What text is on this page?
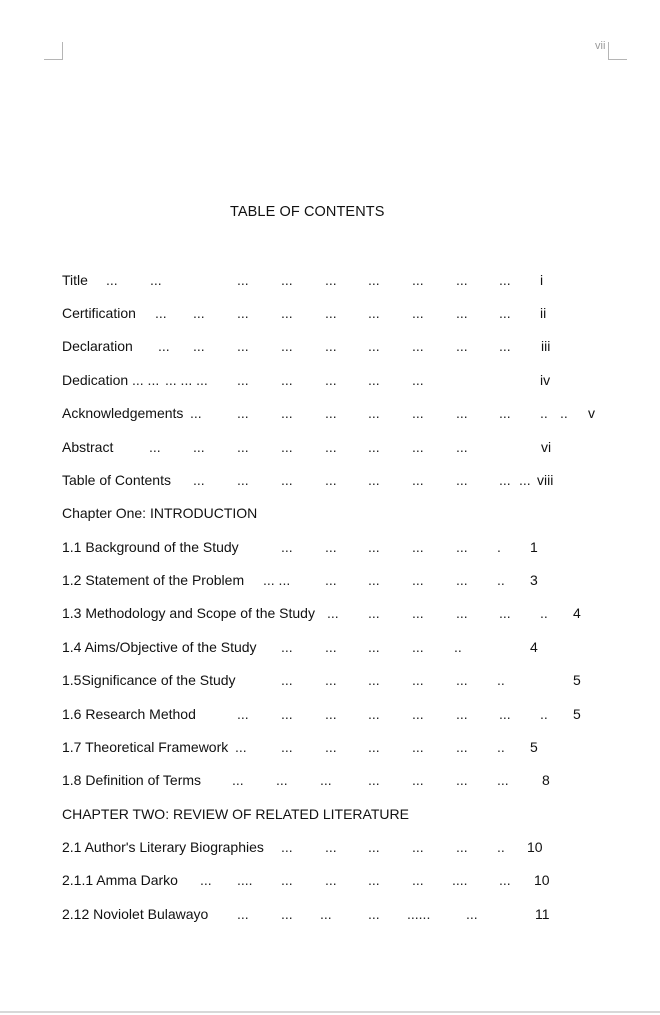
vii
TABLE OF CONTENTS
Title ... ...	... ... ... ... ... ... ... i
Certification ... ... ... ... ... ... ... ... ... ii
Declaration ... ... ... ... ... ... ... ... ... iii
Dedication ... ... ... ... ... ... ... ... ... ...	iv
Acknowledgements ...	... ... ... ... ... ... ... .. .. v
Abstract	... ... ... ... ... ... ... ...	vi
Table of Contents ... ... ... ... ... ... ... ... ... viii
Chapter One: INTRODUCTION
1.1 Background of the Study	... ... ... ... ... . 1
1.2 Statement of the Problem ... ... ... ... ... ... .. 3
1.3 Methodology and Scope of the Study ... ... ... ... ... .. 4
1.4 Aims/Objective of the Study ... ... ... ... ..	4
1.5Significance of the Study	... ... ... ... ... ..	5
1.6 Research Method	... ... ... ... ... ... ... .. 5
1.7 Theoretical Framework ... ... ... ... ... ... .. 5
1.8 Definition of Terms ... ... ...	... ... ... ... 8
CHAPTER TWO: REVIEW OF RELATED LITERATURE
2.1 Author's Literary Biographies ... ... ... ... ... .. 10
2.1.1 Amma Darko ... .... ... ... ... ... .... ... 10
2.12 Noviolet Bulawayo ... ... ...	... ......	...	11
